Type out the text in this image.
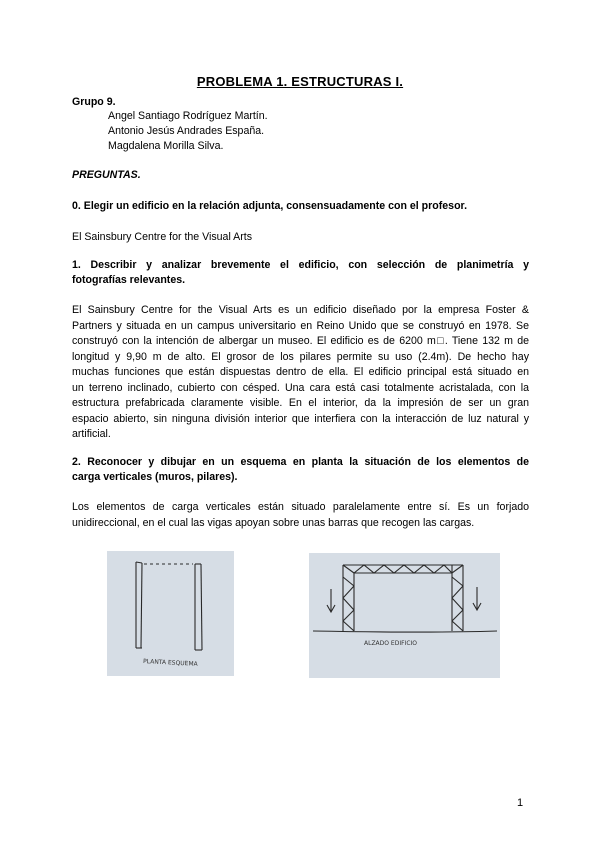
PROBLEMA 1. ESTRUCTURAS I.
Grupo 9.
Angel Santiago Rodríguez Martín.
Antonio Jesús Andrades España.
Magdalena Morilla Silva.
PREGUNTAS.
0. Elegir un edificio en la relación adjunta, consensuadamente con el profesor.
El Sainsbury Centre for the Visual Arts
1. Describir y analizar brevemente el edificio, con selección de planimetría y
fotografías relevantes.
El Sainsbury Centre for the Visual Arts es un edificio diseñado por la empresa Foster &
Partners y situada en un campus universitario en Reino Unido que se construyó en 1978. Se
construyó con la intención de albergar un museo. El edificio es de 6200 m□. Tiene 132 m de
longitud y 9,90 m de alto. El grosor de los pilares permite su uso (2.4m). De hecho hay
muchas funciones que están dispuestas dentro de ella. El edificio principal está situado en
un terreno inclinado, cubierto con césped. Una cara está casi totalmente acristalada, con la
estructura prefabricada claramente visible. En el interior, da la impresión de ser un gran
espacio abierto, sin ninguna división interior que interfiera con la interacción de luz natural y
artificial.
2. Reconocer y dibujar en un esquema en planta la situación de los elementos de
carga verticales (muros, pilares).
Los elementos de carga verticales están situado paralelamente entre sí. Es un forjado
unidireccional, en el cual las vigas apoyan sobre unas barras que recogen las cargas.
PLANTA ESQUEMA
ALZADO EDIFICIO
1
